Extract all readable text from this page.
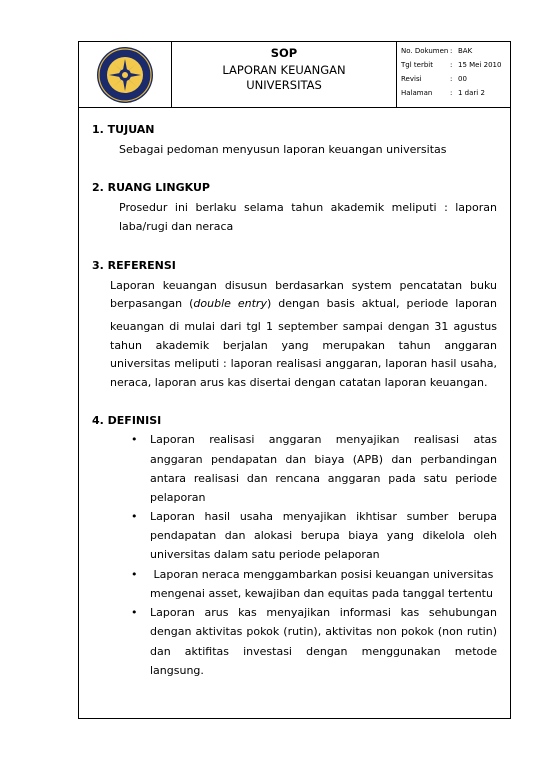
SOP
LAPORAN KEUANGAN
UNIVERSITAS
No. Dokumen : BAK
Tgl terbit : 15 Mei 2010
Revisi	: 00
Halaman	: 1 dari 2
1. TUJUAN
Sebagai pedoman menyusun laporan keuangan universitas
2. RUANG LINGKUP
Prosedur ini berlaku selama tahun akademik meliputi : laporan
laba/rugi dan neraca
3. REFERENSI
Laporan keuangan disusun berdasarkan system pencatatan buku
berpasangan (double entry) dengan basis aktual, periode laporan
keuangan di mulai dari tgl 1 september sampai dengan 31 agustus
tahun akademik berjalan yang merupakan tahun anggaran
universitas meliputi : laporan realisasi anggaran, laporan hasil usaha,
neraca, laporan arus kas disertai dengan catatan laporan keuangan.
4. DEFINISI
• Laporan realisasi anggaran menyajikan realisasi atas
anggaran pendapatan dan biaya (APB) dan perbandingan
antara realisasi dan rencana anggaran pada satu periode
pelaporan
• Laporan hasil usaha menyajikan ikhtisar sumber berupa
pendapatan dan alokasi berupa biaya yang dikelola oleh
universitas dalam satu periode pelaporan
• Laporan neraca menggambarkan posisi keuangan universitas
mengenai asset, kewajiban dan equitas pada tanggal tertentu
• Laporan arus kas menyajikan informasi kas sehubungan
dengan aktivitas pokok (rutin), aktivitas non pokok (non rutin)
dan aktifitas investasi dengan menggunakan metode
langsung.
